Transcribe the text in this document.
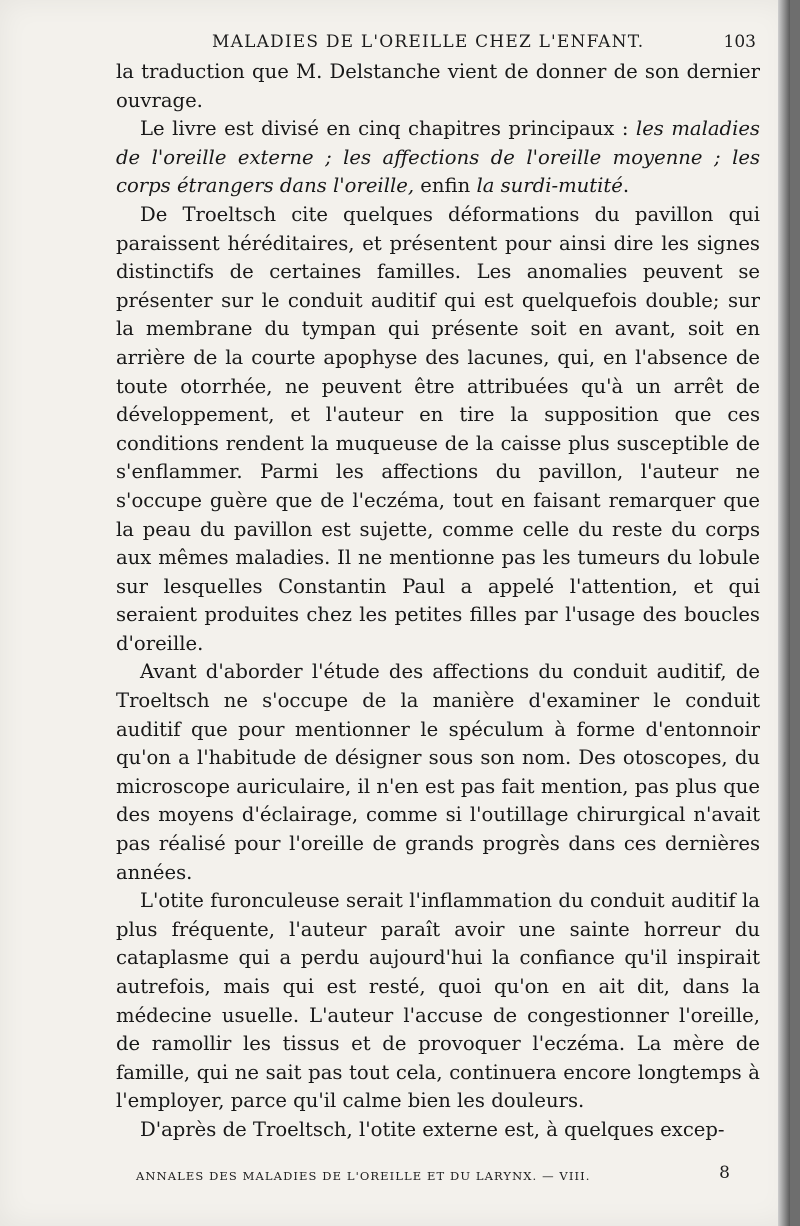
MALADIES DE L'OREILLE CHEZ L'ENFANT.	103

la traduction que M. Delstanche vient de donner de son dernier ouvrage.

Le livre est divisé en cinq chapitres principaux : les maladies de l'oreille externe ; les affections de l'oreille moyenne ; les corps étrangers dans l'oreille, enfin la surdi-mutité.

De Troeltsch cite quelques déformations du pavillon qui paraissent héréditaires, et présentent pour ainsi dire les signes distinctifs de certaines familles. Les anomalies peuvent se présenter sur le conduit auditif qui est quelquefois double; sur la membrane du tympan qui présente soit en avant, soit en arrière de la courte apophyse des lacunes, qui, en l'absence de toute otorrhée, ne peuvent être attribuées qu'à un arrêt de développement, et l'auteur en tire la supposition que ces conditions rendent la muqueuse de la caisse plus susceptible de s'enflammer. Parmi les affections du pavillon, l'auteur ne s'occupe guère que de l'eczéma, tout en faisant remarquer que la peau du pavillon est sujette, comme celle du reste du corps aux mêmes maladies. Il ne mentionne pas les tumeurs du lobule sur lesquelles Constantin Paul a appelé l'attention, et qui seraient produites chez les petites filles par l'usage des boucles d'oreille.

Avant d'aborder l'étude des affections du conduit auditif, de Troeltsch ne s'occupe de la manière d'examiner le conduit auditif que pour mentionner le spéculum à forme d'entonnoir qu'on a l'habitude de désigner sous son nom. Des otoscopes, du microscope auriculaire, il n'en est pas fait mention, pas plus que des moyens d'éclairage, comme si l'outillage chirurgical n'avait pas réalisé pour l'oreille de grands progrès dans ces dernières années.

L'otite furonculeuse serait l'inflammation du conduit auditif la plus fréquente, l'auteur paraît avoir une sainte horreur du cataplasme qui a perdu aujourd'hui la confiance qu'il inspirait autrefois, mais qui est resté, quoi qu'on en ait dit, dans la médecine usuelle. L'auteur l'accuse de congestionner l'oreille, de ramollir les tissus et de provoquer l'eczéma. La mère de famille, qui ne sait pas tout cela, continuera encore longtemps à l'employer, parce qu'il calme bien les douleurs.

D'après de Troeltsch, l'otite externe est, à quelques excep-

ANNALES DES MALADIES DE L'OREILLE ET DU LARYNX. — VIII.	8
